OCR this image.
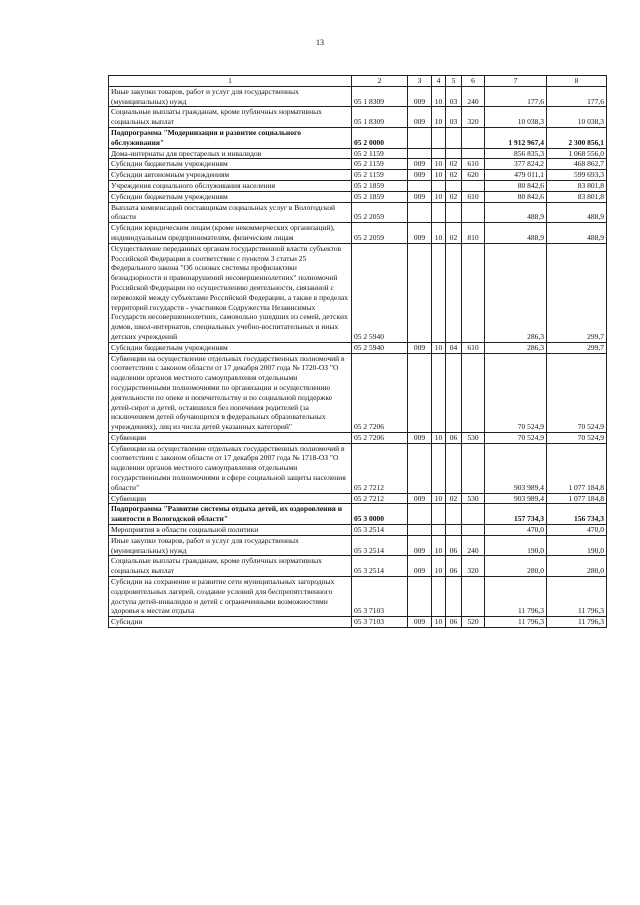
13
1	2	3	4	5	6	7	8
Иные закупки товаров, работ и услуг для государственных (муниципальных) нужд	05 1 8309	009	10	03	240	177,6	177,6
Социальные выплаты гражданам, кроме публичных нормативных социальных выплат	05 1 8309	009	10	03	320	10 038,3	10 038,3
Подпрограмма "Модернизация и развитие социального обслуживания"	05 2 0000					1 912 967,4	2 300 856,1
Дома-интернаты для престарелых и инвалидов	05 2 1159					856 835,3	1 068 556,0
Субсидии бюджетным учреждениям	05 2 1159	009	10	02	610	377 824,2	468 862,7
Субсидии автономным учреждениям	05 2 1159	009	10	02	620	479 011,1	599 693,3
Учреждения социального обслуживания населения	05 2 1859					80 842,6	83 801,8
Субсидии бюджетным учреждениям	05 2 1859	009	10	02	610	80 842,6	83 801,8
Выплата компенсаций поставщикам социальных услуг в Вологодской области	05 2 2059					488,9	488,9
Субсидии юридическим лицам (кроме некоммерческих организаций), индивидуальным предпринимателям, физическим лицам	05 2 2059	009	10	02	810	488,9	488,9
Осуществление переданных органам государственной власти субъектов Российской Федерации в соответствии с пунктом 3 статьи 25 Федерального закона "Об основах системы профилактики безнадзорности и правонарушений несовершеннолетних" полномочий Российской Федерации по осуществлению деятельности, связанной с перевозкой между субъектами Российской Федерации, а также в пределах территорий государств - участников Содружества Независимых Государств несовершеннолетних, самовольно ушедших из семей, детских домов, школ-интернатов, специальных учебно-воспитательных и иных детских учреждений	05 2 5940					286,3	299,7
Субсидии бюджетным учреждениям	05 2 5940	009	10	04	610	286,3	299,7
Субвенции на осуществление отдельных государственных полномочий в соответствии с законом области от 17 декабря 2007 года № 1720-ОЗ "О наделении органов местного самоуправления отдельными государственными полномочиями по организации и осуществлению деятельности по опеке и попечительству и по социальной поддержке детей-сирот и детей, оставшихся без попечения родителей (за исключением детей обучающихся в федеральных образовательных учреждениях), лиц из числа детей указанных категорий"	05 2 7206					70 524,9	70 524,9
Субвенции	05 2 7206	009	10	06	530	70 524,9	70 524,9
Субвенции на осуществление отдельных государственных полномочий в соответствии с законом области от 17 декабря 2007 года № 1718-ОЗ "О наделении органов местного самоуправления отдельными государственными полномочиями в сфере социальной защиты населения области"	05 2 7212					903 989,4	1 077 184,8
Субвенции	05 2 7212	009	10	02	530	903 989,4	1 077 184,8
Подпрограмма "Развитие системы отдыха детей, их оздоровления и занятости в Вологодской области"	05 3 0000					157 734,3	156 734,3
Мероприятия в области социальной политики	05 3 2514					470,0	470,0
Иные закупки товаров, работ и услуг для государственных (муниципальных) нужд	05 3 2514	009	10	06	240	190,0	190,0
Социальные выплаты гражданам, кроме публичных нормативных социальных выплат	05 3 2514	009	10	06	320	280,0	280,0
Субсидии на сохранение и развитие сети муниципальных загородных оздоровительных лагерей, создание условий для беспрепятственного доступа детей-инвалидов и детей с ограниченными возможностями здоровья к местам отдыха	05 3 7103					11 796,3	11 796,3
Субсидии	05 3 7103	009	10	06	520	11 796,3	11 796,3
